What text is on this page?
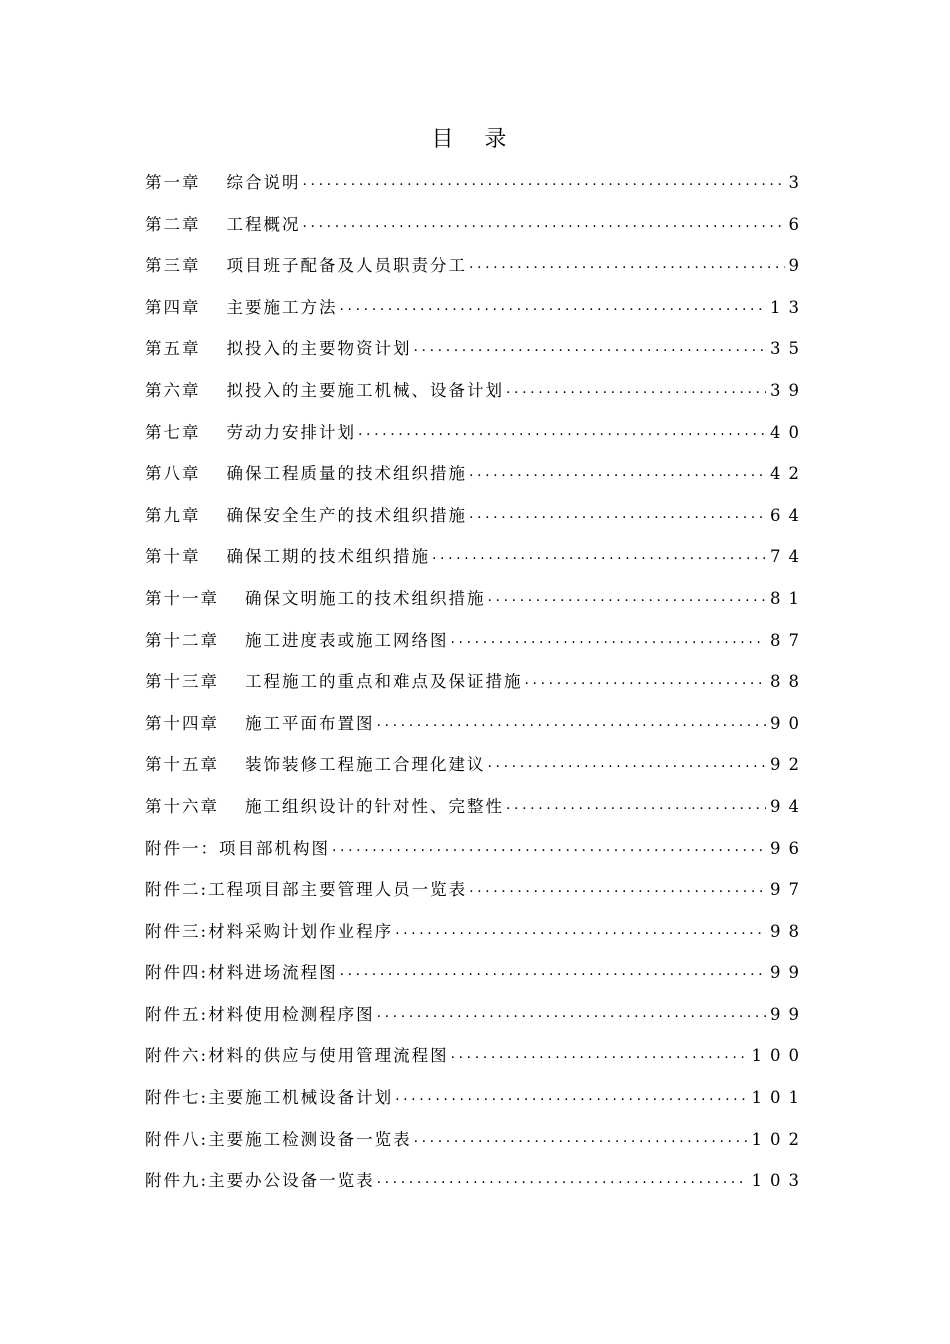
目 录
第一章 综合说明 .....	3
第二章 工程概况 .....	6
第三章 项目班子配备及人员职责分工 .....	9
第四章 主要施工方法 .....	13
第五章 拟投入的主要物资计划 .....	35
第六章 拟投入的主要施工机械、设备计划 .....	39
第七章 劳动力安排计划 .....	40
第八章 确保工程质量的技术组织措施 .....	42
第九章 确保安全生产的技术组织措施 .....	64
第十章 确保工期的技术组织措施 .....	74
第十一章 确保文明施工的技术组织措施 .....	81
第十二章 施工进度表或施工网络图 .....	87
第十三章 工程施工的重点和难点及保证措施 .....	88
第十四章 施工平面布置图 .....	90
第十五章 装饰装修工程施工合理化建议 .....	92
第十六章 施工组织设计的针对性、完整性 .....	94
附件一： 项目部机构图 .....	96
附件二: 工程项目部主要管理人员一览表 .....	97
附件三: 材料采购计划作业程序 .....	98
附件四: 材料进场流程图 .....	99
附件五: 材料使用检测程序图 .....	99
附件六: 材料的供应与使用管理流程图 .....	100
附件七: 主要施工机械设备计划 .....	101
附件八: 主要施工检测设备一览表 .....	102
附件九: 主要办公设备一览表 .....	103
